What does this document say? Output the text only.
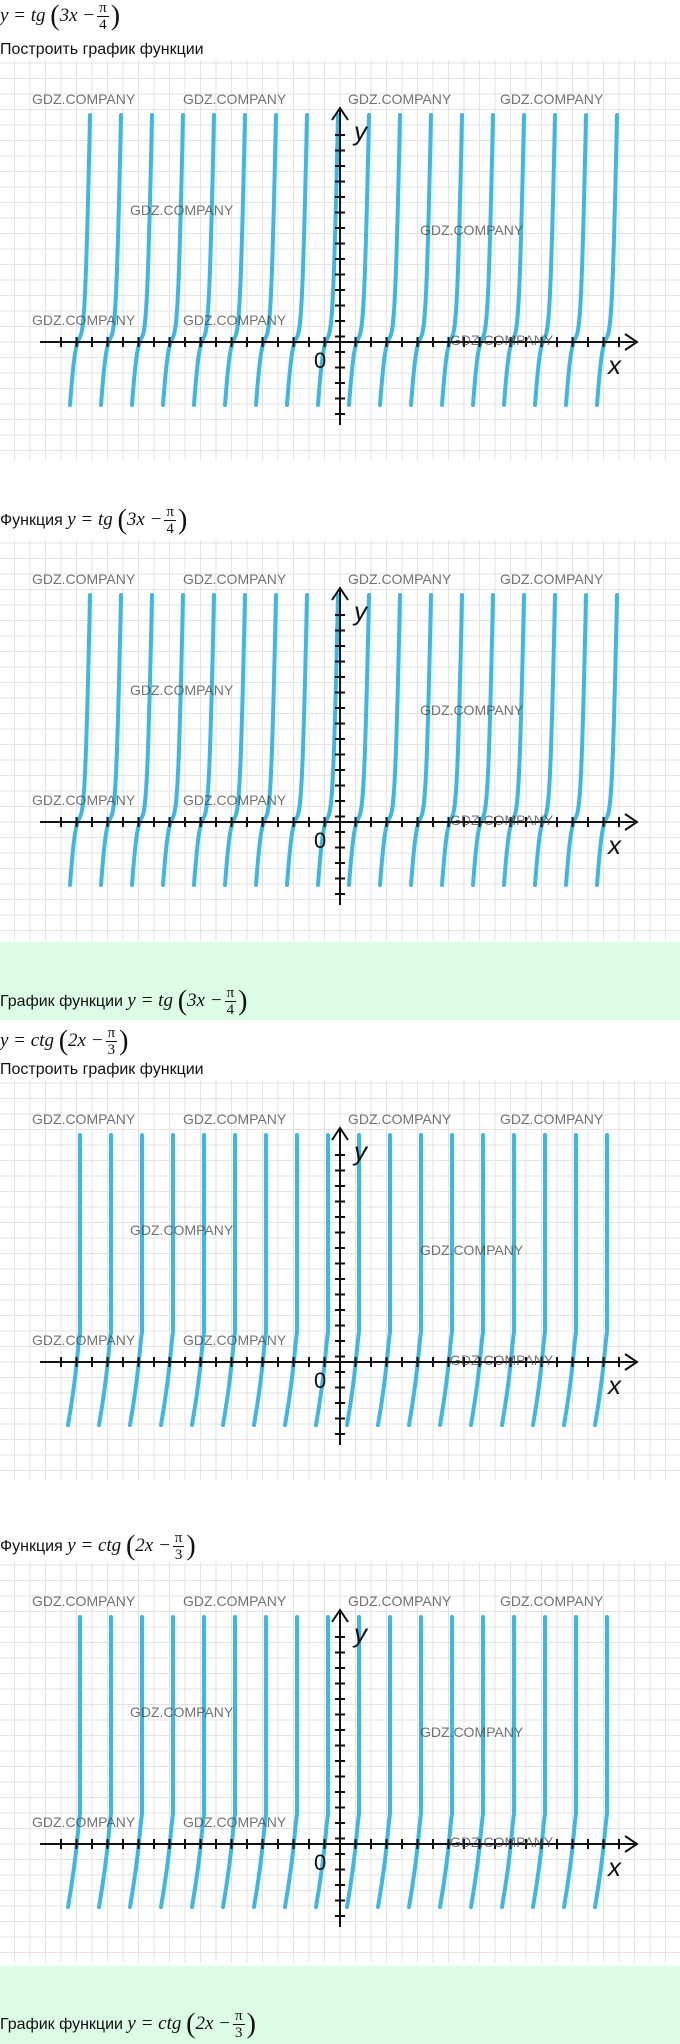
y = tg ($3x - \frac{\pi}{4}$ )
Построить график функции
y
x
0
GDZ.COMPANY	GDZ.COMPANY	GDZ.COMPANY	GDZ.COMPANY
GDZ.COMPANY
GDZ.COMPANY
GDZ.COMPANY	GDZ.COMPANY
GDZ.COMPANY
Функция y = tg ($3x - \frac{\pi}{4}$ )
y
x
0
GDZ.COMPANY	GDZ.COMPANY	GDZ.COMPANY	GDZ.COMPANY
GDZ.COMPANY
GDZ.COMPANY
GDZ.COMPANY	GDZ.COMPANY
GDZ.COMPANY
График функции y = tg ($3x - \frac{\pi}{4}$ )
y = ctg ($2x - \frac{\pi}{3}$ )
Построить график функции
y
x
0
GDZ.COMPANY	GDZ.COMPANY	GDZ.COMPANY	GDZ.COMPANY
GDZ.COMPANY
GDZ.COMPANY
GDZ.COMPANY	GDZ.COMPANY
GDZ.COMPANY
Функция y = ctg ($2x - \frac{\pi}{3}$ )
y
x
0
GDZ.COMPANY	GDZ.COMPANY	GDZ.COMPANY	GDZ.COMPANY
GDZ.COMPANY
GDZ.COMPANY
GDZ.COMPANY	GDZ.COMPANY
GDZ.COMPANY
График функции y = ctg ($2x - \frac{\pi}{3}$ )
